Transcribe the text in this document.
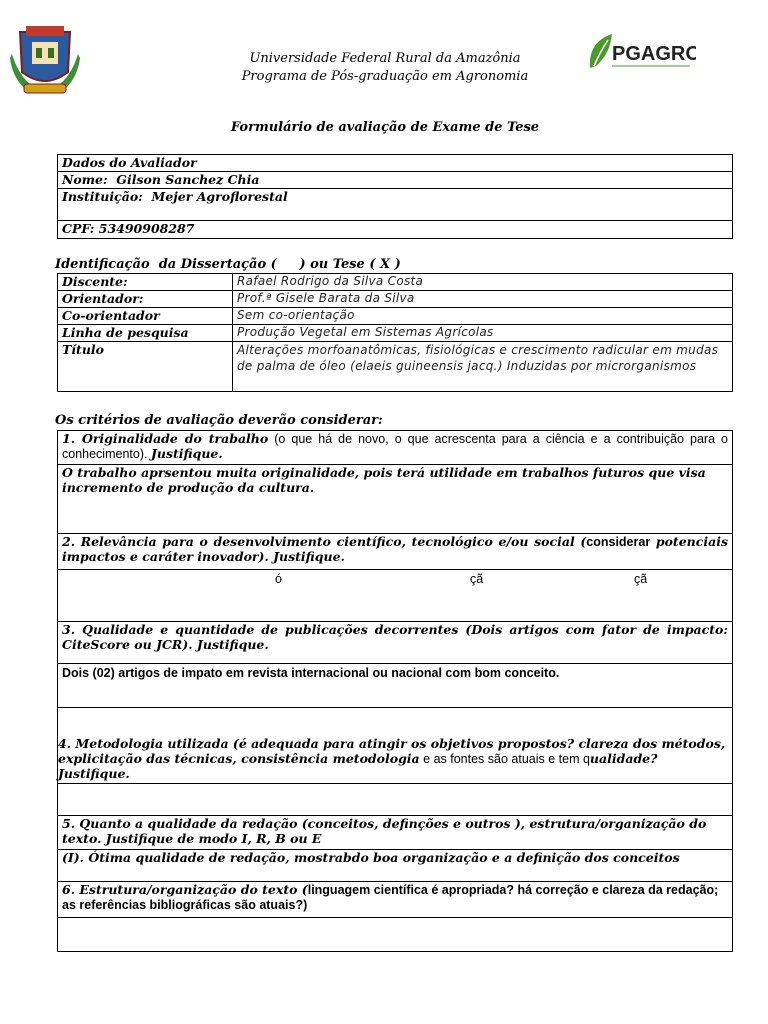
Universidade Federal Rural da Amazônia
Programa de Pós-graduação em Agronomia
PGAGRO
Formulário de avaliação de Exame de Tese
Dados do Avaliador
Nome: Gilson Sanchez Chia
Instituição: Mejer Agroflorestal
CPF: 53490908287
Identificação  da Dissertação (     ) ou Tese ( X )
Discente:	Rafael Rodrigo da Silva Costa
Orientador:	Prof.ª Gisele Barata da Silva
Co-orientador	Sem co-orientação
Linha de pesquisa	Produção Vegetal em Sistemas Agrícolas
Título	Alterações morfoanatômicas, fisiológicas e crescimento radicular em mudas de palma de óleo (elaeis guineensis jacq.) Induzidas por microrganismos
Os critérios de avaliação deverão considerar:
1. Originalidade do trabalho (o que há de novo, o que acrescenta para a ciência e a contribuição para o conhecimento). Justifique.
O trabalho aprsentou muita originalidade, pois terá utilidade em trabalhos futuros que visa incremento de produção da cultura.
2. Relevância para o desenvolvimento científico, tecnológico e/ou social (considerar potenciais impactos e caráter inovador). Justifique.

ó	çã	çã

3. Qualidade e quantidade de publicações decorrentes (Dois artigos com fator de impacto: CiteScore ou JCR). Justifique.
Dois (02) artigos de impato em revista internacional ou nacional com bom conceito.
4. Metodologia utilizada (é adequada para atingir os objetivos propostos? clareza dos métodos, explicitação das técnicas, consistência metodologia e as fontes são atuais e tem qualidade? Justifique.

5. Quanto a qualidade da redação (conceitos, definções e outros ), estrutura/organização do texto. Justifique de modo I, R, B ou E
(I). Ótima qualidade de redação, mostrabdo boa organização e a definição dos conceitos
6. Estrutura/organização do texto (linguagem científica é apropriada? há correção e clareza da redação; as referências bibliográficas são atuais?)
